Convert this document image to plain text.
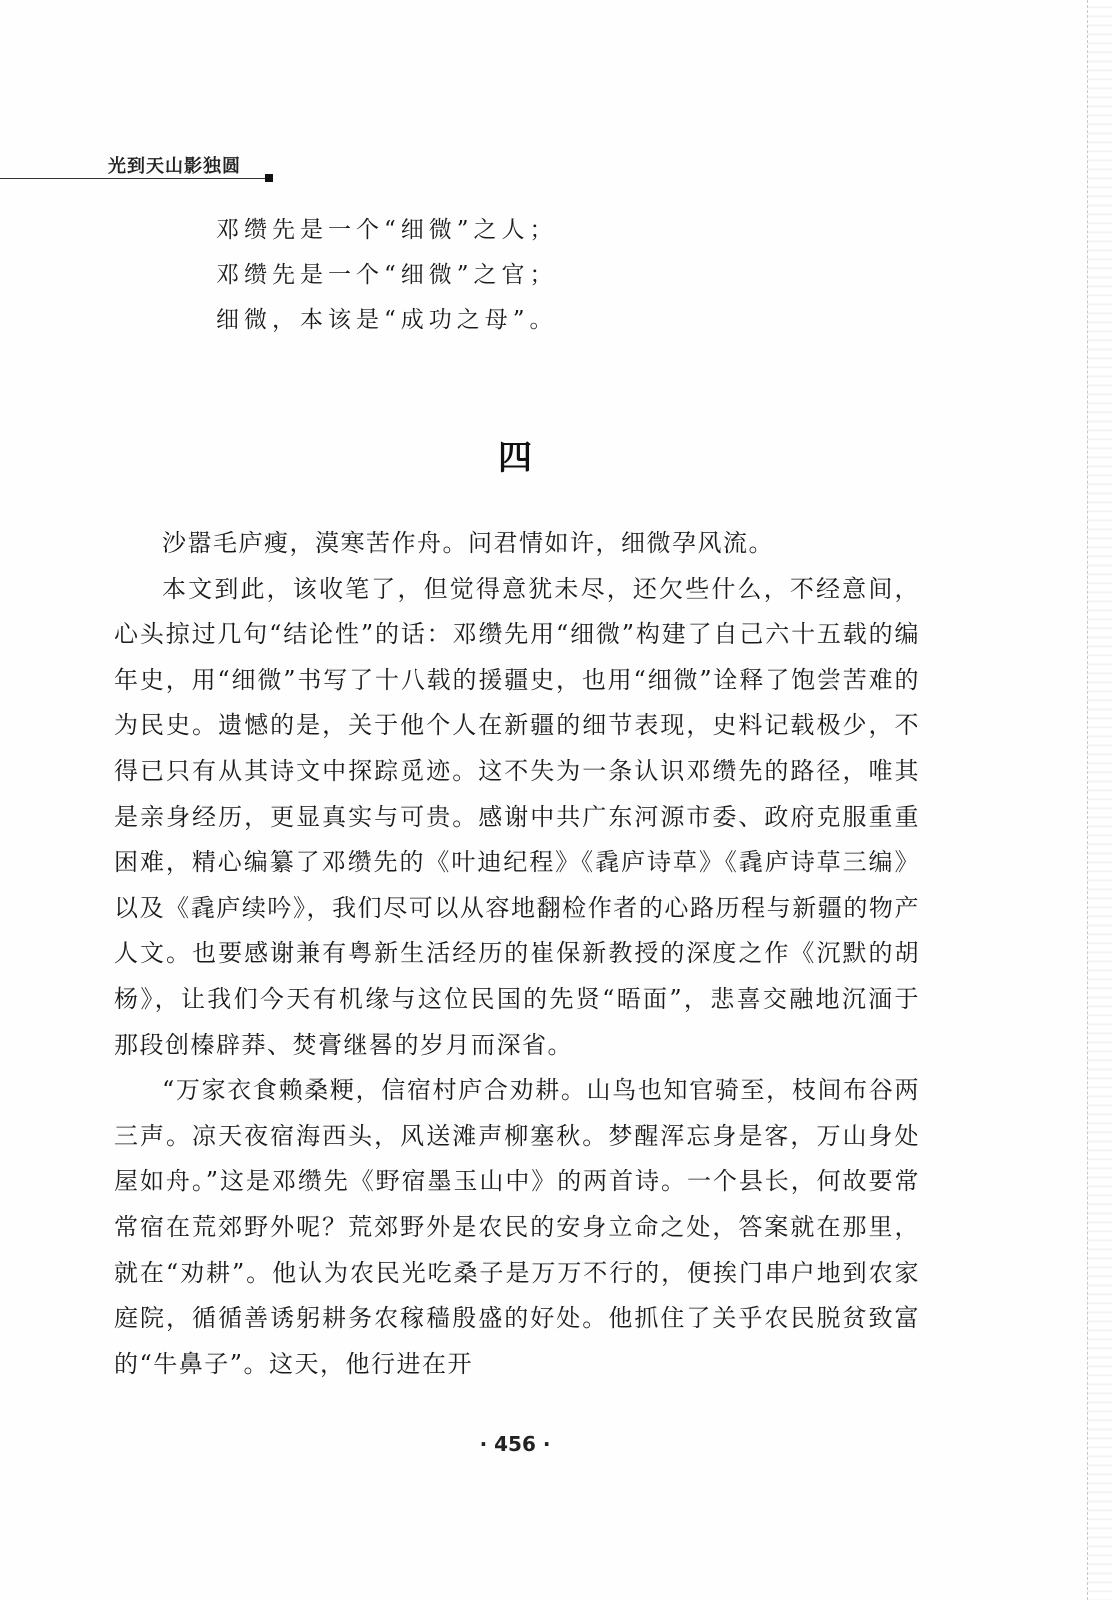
光到天山影独圆
邓缵先是一个“细微”之人；
邓缵先是一个“细微”之官；
细微，本该是“成功之母”。
四

沙嚣毛庐瘦，漠寒苦作舟。问君情如许，细微孕风流。

本文到此，该收笔了，但觉得意犹未尽，还欠些什么，不经意间，心头掠过几句“结论性”的话：邓缵先用“细微”构建了自己六十五载的编年史，用“细微”书写了十八载的援疆史，也用“细微”诠释了饱尝苦难的为民史。遗憾的是，关于他个人在新疆的细节表现，史料记载极少，不得已只有从其诗文中探踪觅迹。这不失为一条认识邓缵先的路径，唯其是亲身经历，更显真实与可贵。感谢中共广东河源市委、政府克服重重困难，精心编纂了邓缵先的《叶迪纪程》《毳庐诗草》《毳庐诗草三编》以及《毳庐续吟》，我们尽可以从容地翻检作者的心路历程与新疆的物产人文。也要感谢兼有粤新生活经历的崔保新教授的深度之作《沉默的胡杨》，让我们今天有机缘与这位民国的先贤“晤面”，悲喜交融地沉湎于那段创榛辟莽、焚膏继晷的岁月而深省。

“万家衣食赖桑粳，信宿村庐合劝耕。山鸟也知官骑至，枝间布谷两三声。凉天夜宿海西头，风送滩声柳塞秋。梦醒浑忘身是客，万山身处屋如舟。”这是邓缵先《野宿墨玉山中》的两首诗。一个县长，何故要常常宿在荒郊野外呢？荒郊野外是农民的安身立命之处，答案就在那里，就在“劝耕”。他认为农民光吃桑子是万万不行的，便挨门串户地到农家庭院，循循善诱躬耕务农稼穑殷盛的好处。他抓住了关乎农民脱贫致富的“牛鼻子”。这天，他行进在开

· 456 ·
